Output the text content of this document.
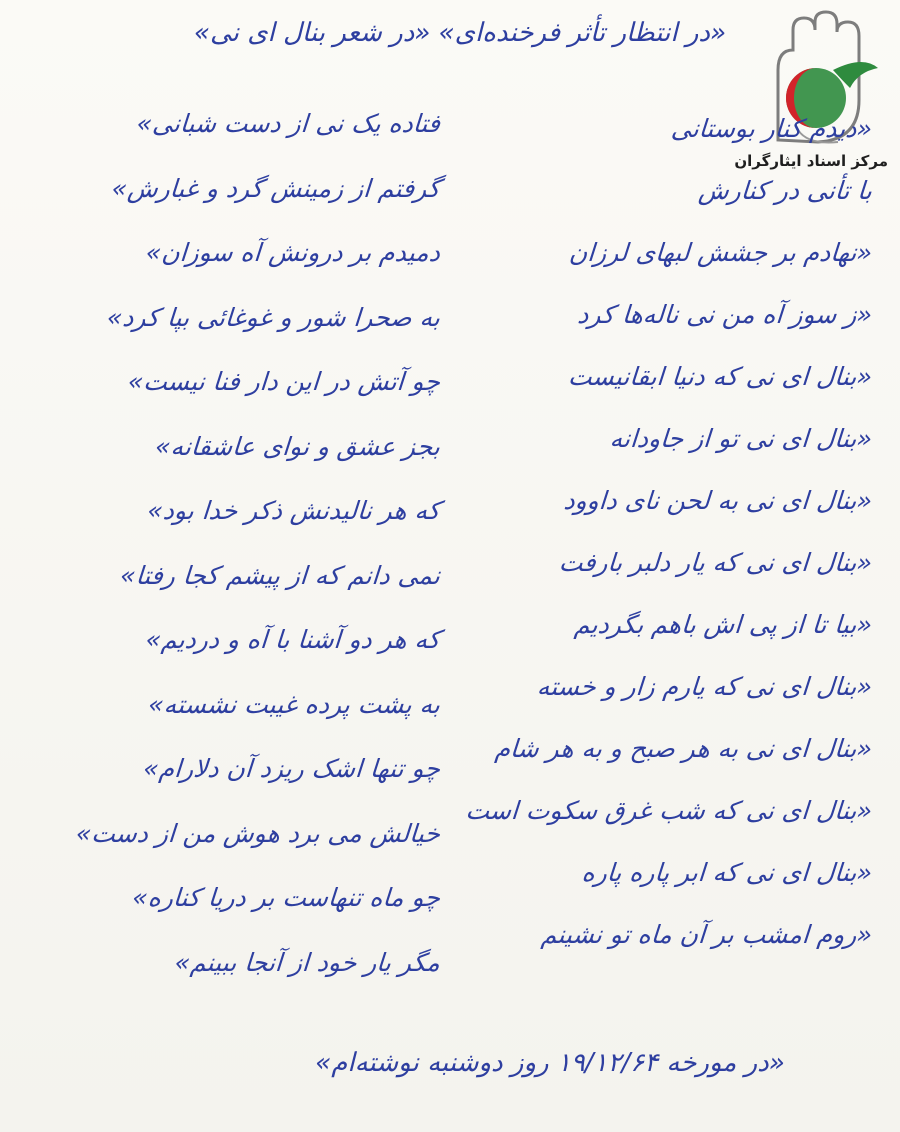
مرکز اسناد ایثارگران
«در انتظار تأثر فرخنده‌ای» «در شعر بنال ای نی»
«دیدم کنار بوستانی
با تأنی در کنارش
«نهادم بر جشش لبهای لرزان
«ز سوز آه من نی ناله‌ها کرد
«بنال ای نی که دنیا ابقانیست
«بنال ای نی تو از جاودانه
«بنال ای نی به لحن نای داوود
«بنال ای نی که یار دلبر بارفت
«بیا تا از پی اش باهم بگردیم
«بنال ای نی که یارم زار و خسته
«بنال ای نی به هر صبح و به هر شام
«بنال ای نی که شب غرق سکوت است
«بنال ای نی که ابر پاره پاره
«روم امشب بر آن ماه تو نشینم
فتاده یک نی از دست شبانی»
گرفتم از زمینش گرد و غبارش»
دمیدم بر درونش آه سوزان»
به صحرا شور و غوغائی بپا کرد»
چو آتش در این دار فنا نیست»
بجز عشق و نوای عاشقانه»
که هر نالیدنش ذکر خدا بود»
نمی دانم که از پیشم کجا رفتا»
که هر دو آشنا با آه و دردیم»
به پشت پرده غیبت نشسته»
چو تنها اشک ریزد آن دلارام»
خیالش می برد هوش من از دست»
چو ماه تنهاست بر دریا کناره»
مگر یار خود از آنجا ببینم»
«در مورخه ۱۹/۱۲/۶۴ روز دوشنبه نوشته‌ام»
